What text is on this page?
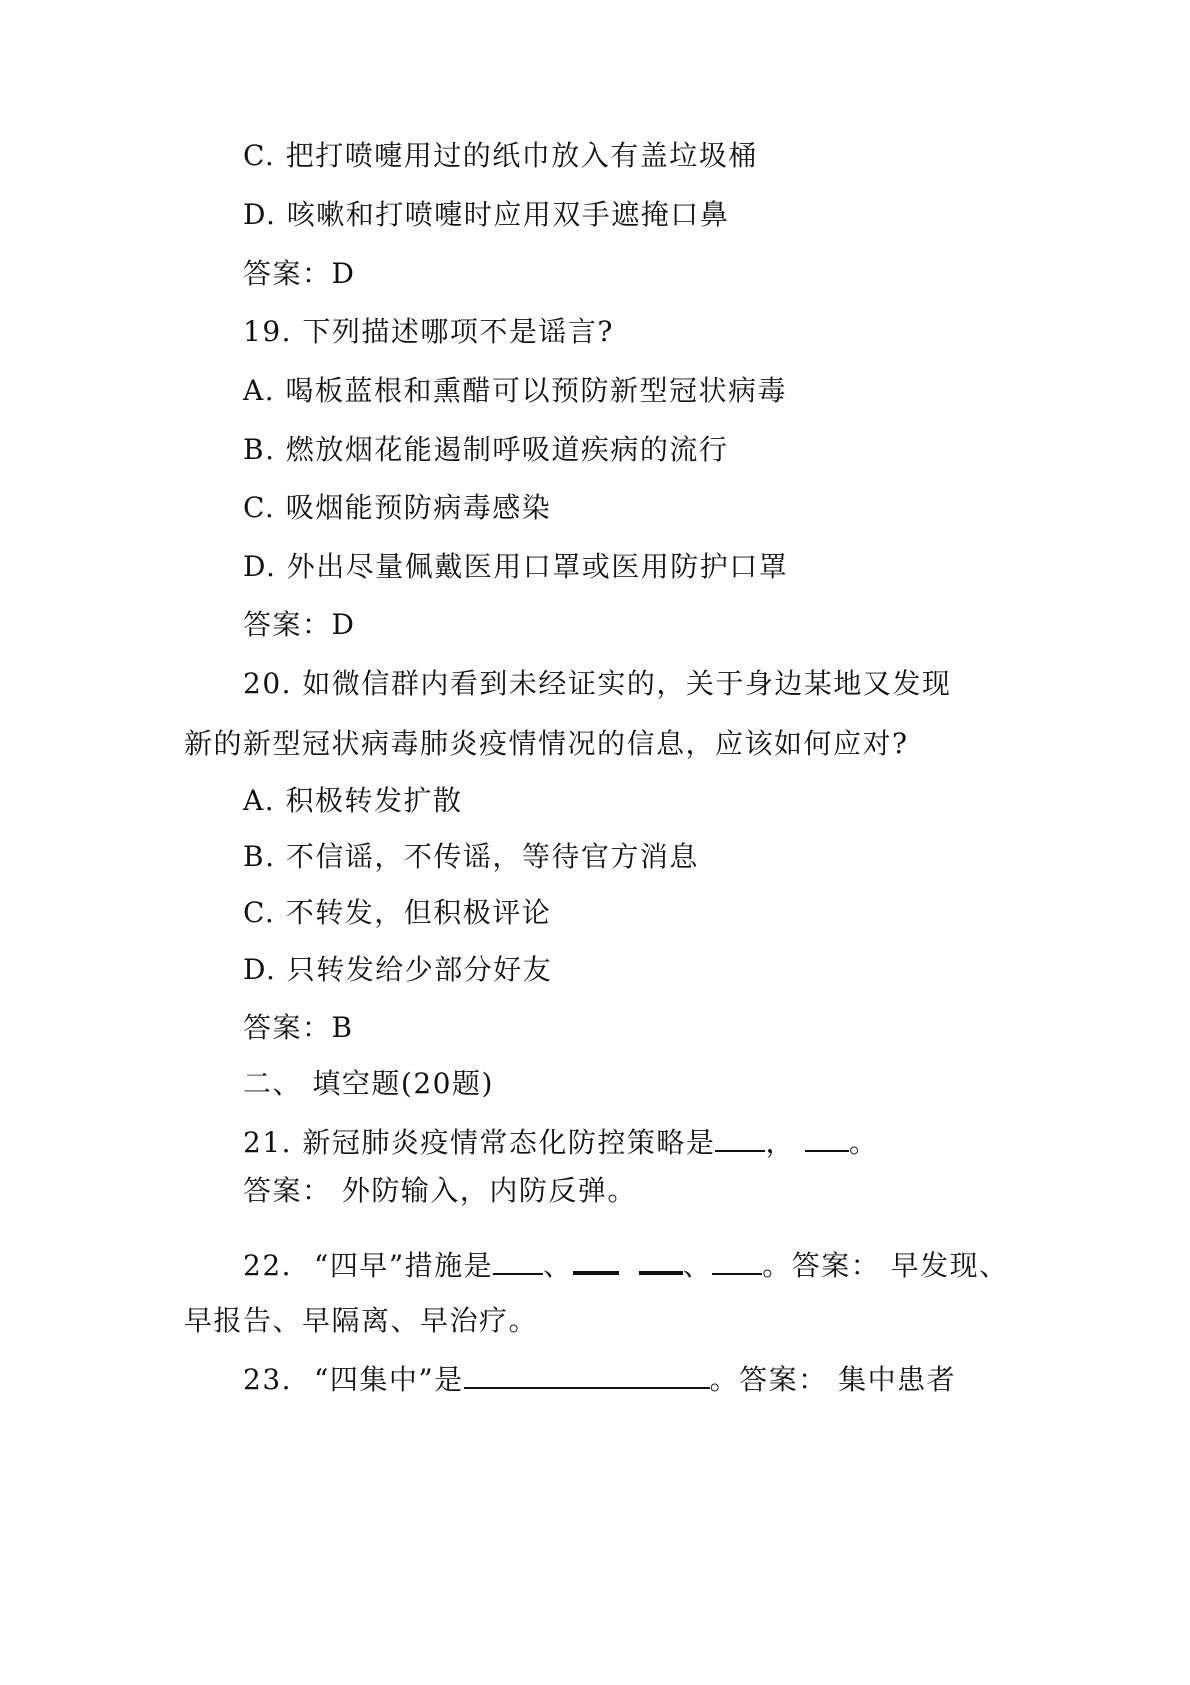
C. 把打喷嚏用过的纸巾放入有盖垃圾桶
D. 咳嗽和打喷嚏时应用双手遮掩口鼻
答案：D
19. 下列描述哪项不是谣言?
A. 喝板蓝根和熏醋可以预防新型冠状病毒
B. 燃放烟花能遏制呼吸道疾病的流行
C. 吸烟能预防病毒感染
D. 外出尽量佩戴医用口罩或医用防护口罩
答案：D
20. 如微信群内看到未经证实的，关于身边某地又发现
新的新型冠状病毒肺炎疫情情况的信息，应该如何应对?
A. 积极转发扩散
B. 不信谣，不传谣，等待官方消息
C. 不转发，但积极评论
D. 只转发给少部分好友
答案：B
二、 填空题(20题)
21. 新冠肺炎疫情常态化防控策略是 ， 。
答案： 外防输入，内防反弹。
22. “四早”措施是 、	、 。答案： 早发现、
早报告、早隔离、早治疗。
23. “四集中”是	。答案： 集中患者
